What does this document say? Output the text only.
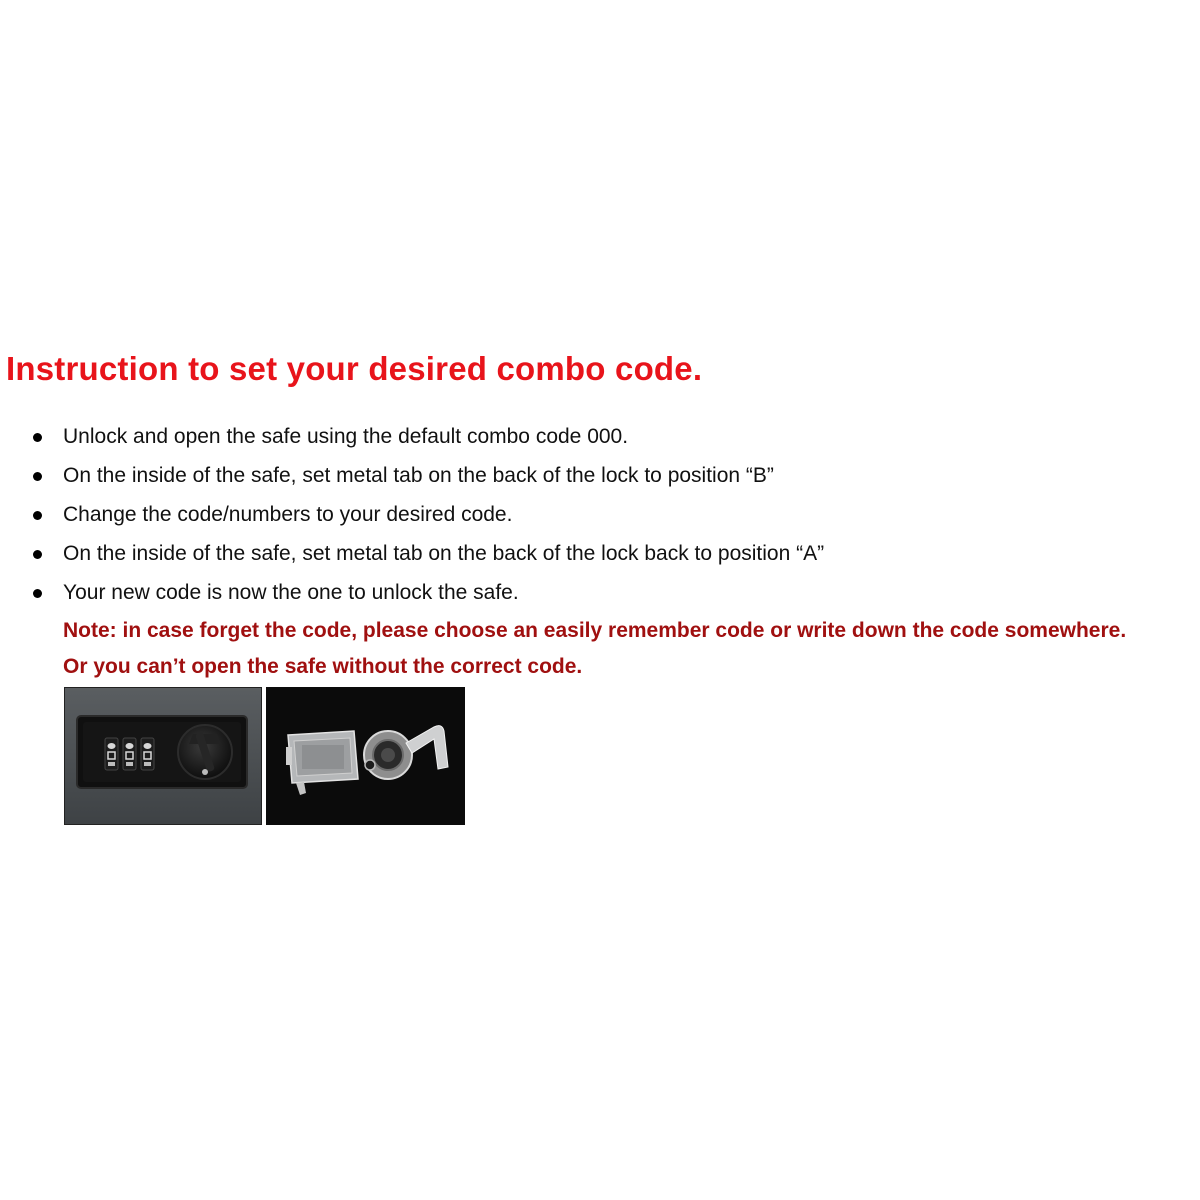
Instruction to set your desired combo code.
Unlock and open the safe using the default combo code 000.
On the inside of the safe, set metal tab on the back of the lock to position “B”
Change the code/numbers to your desired code.
On the inside of the safe, set metal tab on the back of the lock back to position “A”
Your new code is now the one to unlock the safe.
Note: in case forget the code, please choose an easily remember code or write down the code somewhere.
Or you can’t open the safe without the correct code.
